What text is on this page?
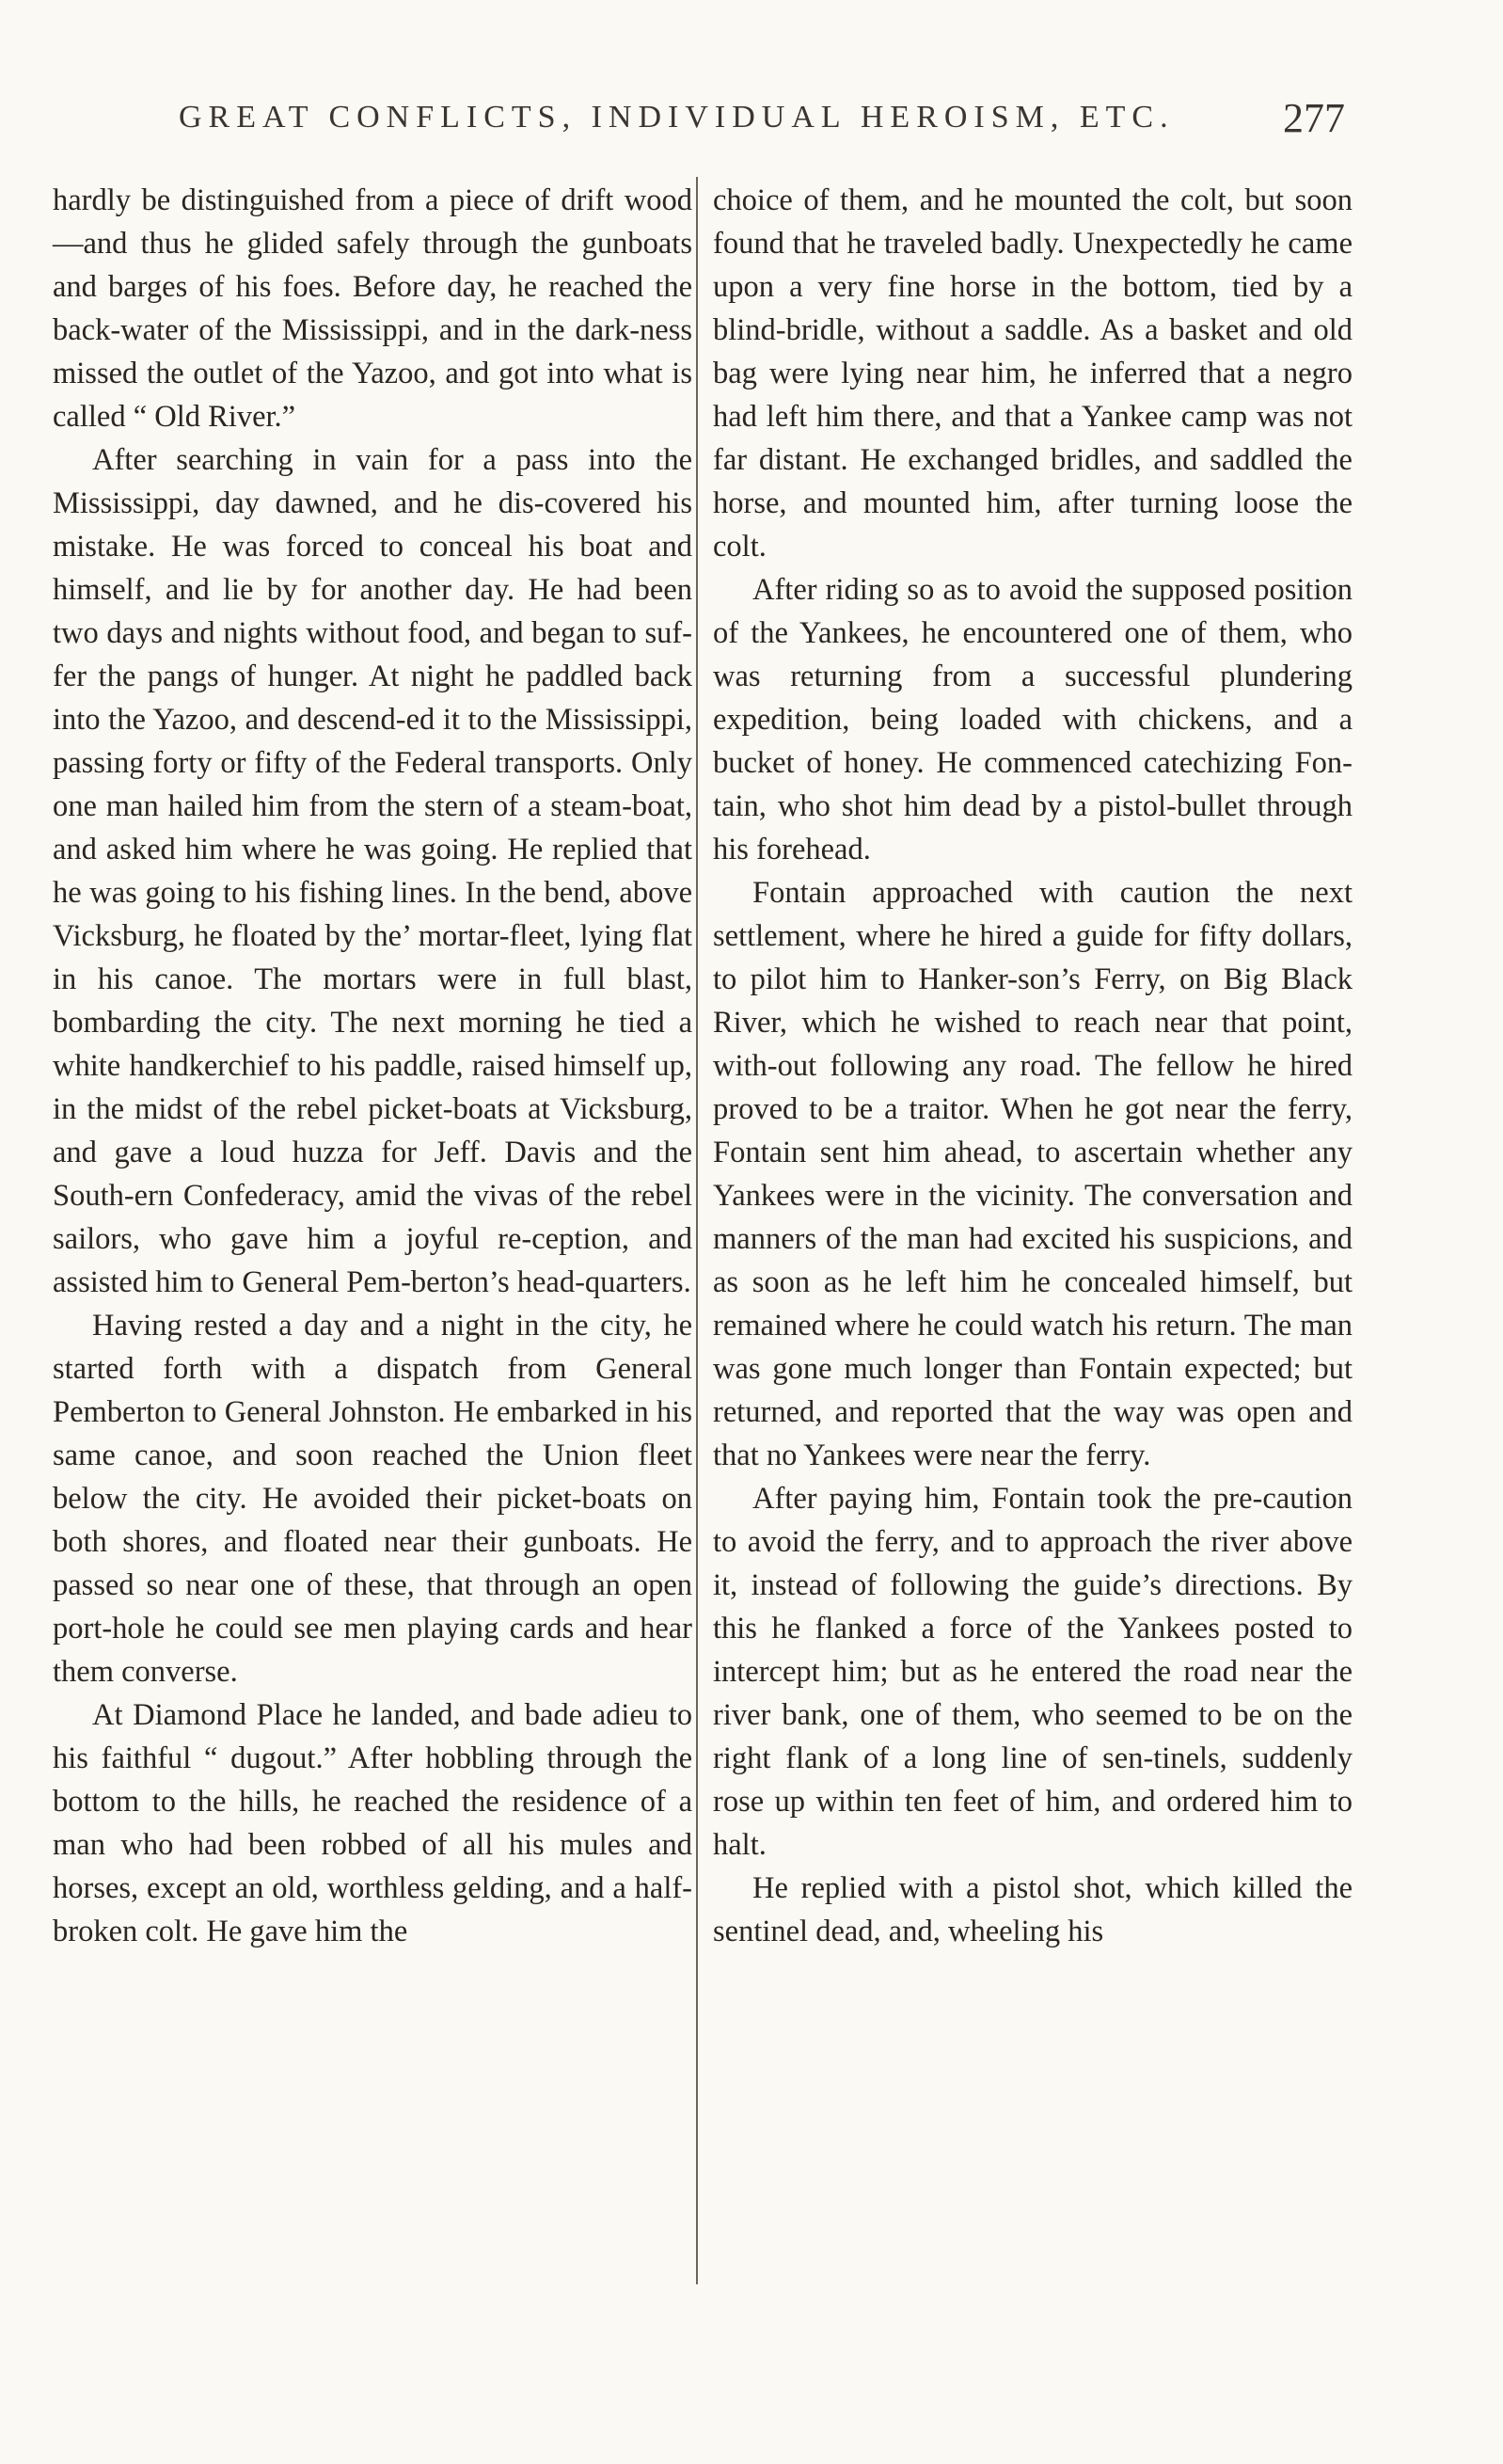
GREAT CONFLICTS, INDIVIDUAL HEROISM, ETC.	277

hardly be distinguished from a piece of drift wood—and thus he glided safely through the gunboats and barges of his foes. Before day, he reached the back-water of the Mississippi, and in the dark-ness missed the outlet of the Yazoo, and got into what is called “ Old River.”

After searching in vain for a pass into the Mississippi, day dawned, and he dis-covered his mistake. He was forced to conceal his boat and himself, and lie by for another day. He had been two days and nights without food, and began to suf-fer the pangs of hunger. At night he paddled back into the Yazoo, and descend-ed it to the Mississippi, passing forty or fifty of the Federal transports. Only one man hailed him from the stern of a steam-boat, and asked him where he was going. He replied that he was going to his fishing lines. In the bend, above Vicksburg, he floated by the’ mortar-fleet, lying flat in his canoe. The mortars were in full blast, bombarding the city. The next morning he tied a white handkerchief to his paddle, raised himself up, in the midst of the rebel picket-boats at Vicksburg, and gave a loud huzza for Jeff. Davis and the South-ern Confederacy, amid the vivas of the rebel sailors, who gave him a joyful re-ception, and assisted him to General Pem-berton’s head-quarters.

Having rested a day and a night in the city, he started forth with a dispatch from General Pemberton to General Johnston. He embarked in his same canoe, and soon reached the Union fleet below the city. He avoided their picket-boats on both shores, and floated near their gunboats. He passed so near one of these, that through an open port-hole he could see men playing cards and hear them converse.

At Diamond Place he landed, and bade adieu to his faithful “ dugout.” After hobbling through the bottom to the hills, he reached the residence of a man who had been robbed of all his mules and horses, except an old, worthless gelding, and a half-broken colt. He gave him the

choice of them, and he mounted the colt, but soon found that he traveled badly. Unexpectedly he came upon a very fine horse in the bottom, tied by a blind-bridle, without a saddle. As a basket and old bag were lying near him, he inferred that a negro had left him there, and that a Yankee camp was not far distant. He exchanged bridles, and saddled the horse, and mounted him, after turning loose the colt.

After riding so as to avoid the supposed position of the Yankees, he encountered one of them, who was returning from a successful plundering expedition, being loaded with chickens, and a bucket of honey. He commenced catechizing Fon-tain, who shot him dead by a pistol-bullet through his forehead.

Fontain approached with caution the next settlement, where he hired a guide for fifty dollars, to pilot him to Hanker-son’s Ferry, on Big Black River, which he wished to reach near that point, with-out following any road. The fellow he hired proved to be a traitor. When he got near the ferry, Fontain sent him ahead, to ascertain whether any Yankees were in the vicinity. The conversation and manners of the man had excited his suspicions, and as soon as he left him he concealed himself, but remained where he could watch his return. The man was gone much longer than Fontain expected; but returned, and reported that the way was open and that no Yankees were near the ferry.

After paying him, Fontain took the pre-caution to avoid the ferry, and to approach the river above it, instead of following the guide’s directions. By this he flanked a force of the Yankees posted to intercept him; but as he entered the road near the river bank, one of them, who seemed to be on the right flank of a long line of sen-tinels, suddenly rose up within ten feet of him, and ordered him to halt.

He replied with a pistol shot, which killed the sentinel dead, and, wheeling his
